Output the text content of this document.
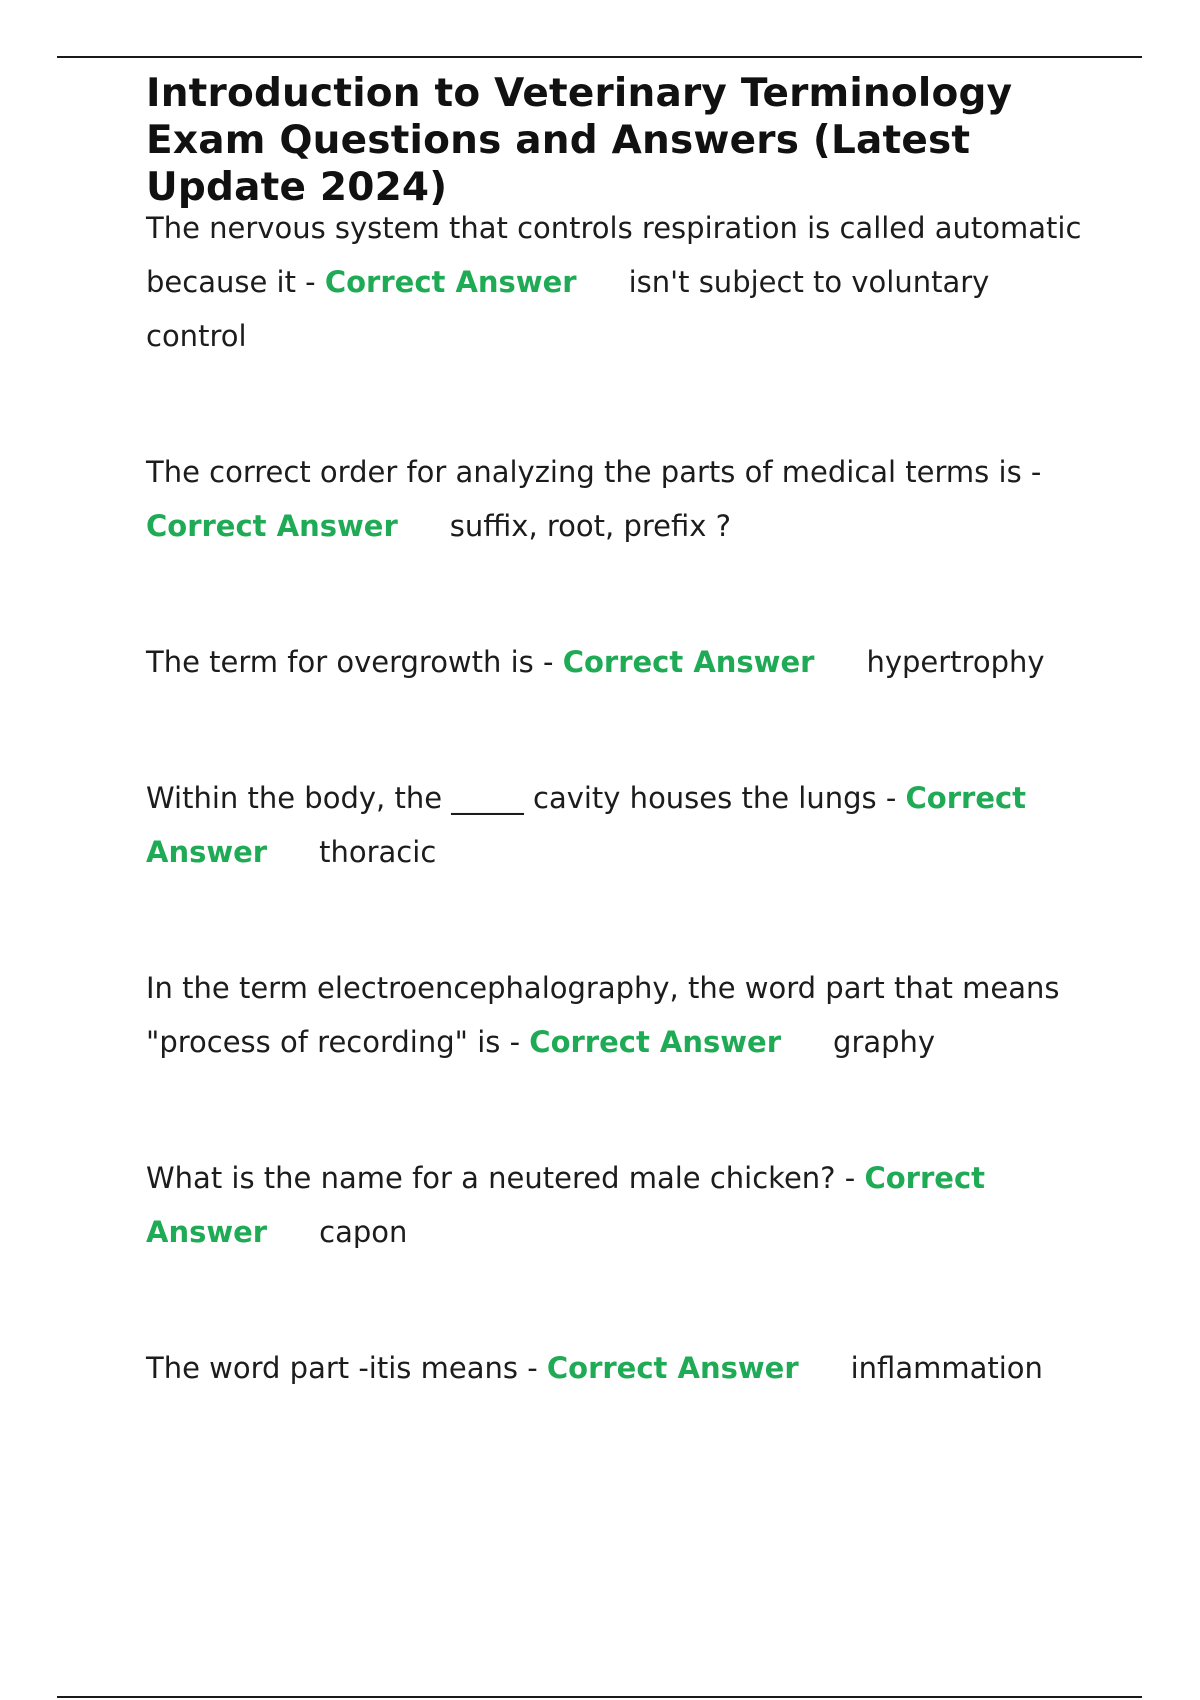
Introduction to Veterinary Terminology Exam Questions and Answers (Latest Update 2024)
The nervous system that controls respiration is called automatic because it - Correct Answer isn't subject to voluntary control
The correct order for analyzing the parts of medical terms is - Correct Answer suffix, root, prefix ?
The term for overgrowth is - Correct Answer hypertrophy
Within the body, the _____ cavity houses the lungs - Correct Answer thoracic
In the term electroencephalography, the word part that means "process of recording" is - Correct Answer graphy
What is the name for a neutered male chicken? - Correct Answer capon
The word part -itis means - Correct Answer inflammation
